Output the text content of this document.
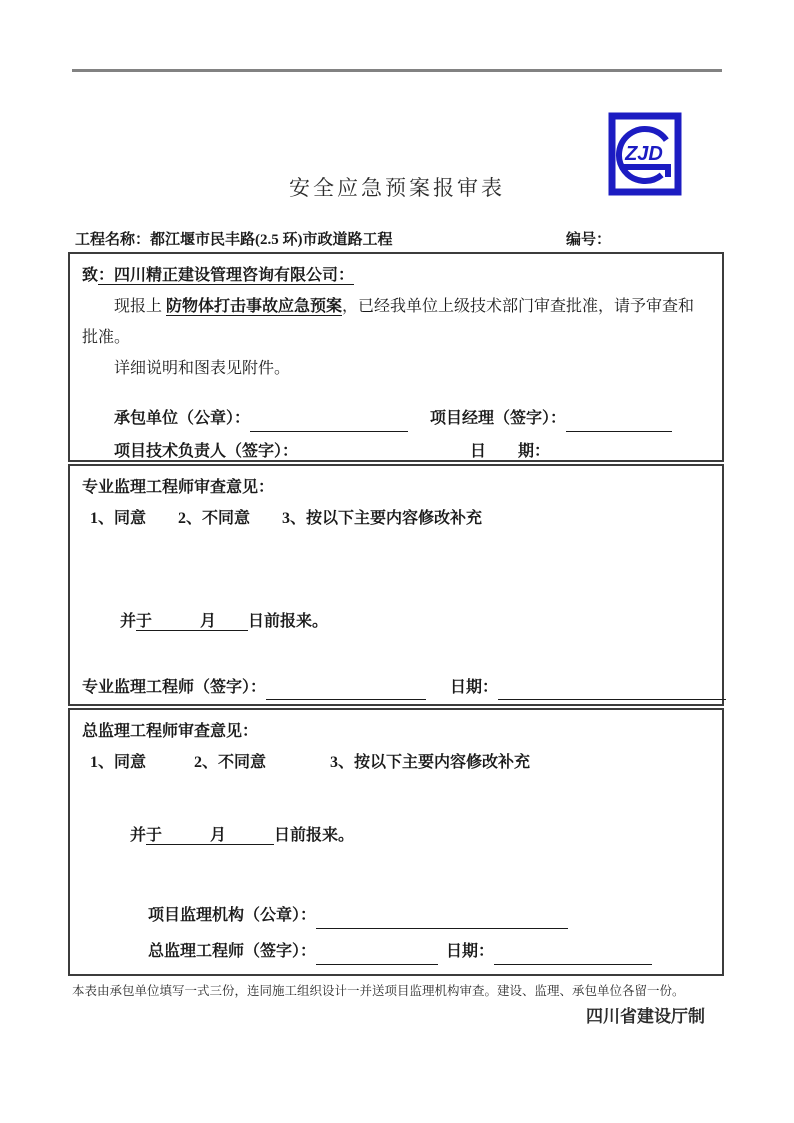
ZJD
安全应急预案报审表
工程名称：都江堰市民丰路(2.5 环)市政道路工程	编号：
致：四川精正建设管理咨询有限公司：
现报上 防物体打击事故应急预案，已经我单位上级技术部门审查批准，请予审查和
批准。
详细说明和图表见附件。
承包单位（公章）：	项目经理（签字）：
项目技术负责人（签字）：	日　　期：
专业监理工程师审查意见：
1、同意　　2、不同意　　3、按以下主要内容修改补充
并于　　　月　　日前报来。
专业监理工程师（签字）：	日期：
总监理工程师审查意见：
1、同意　　　2、不同意　　　　3、按以下主要内容修改补充
并于　　　月　　　日前报来。
项目监理机构（公章）：
总监理工程师（签字）：	日期：
本表由承包单位填写一式三份，连同施工组织设计一并送项目监理机构审查。建设、监理、承包单位各留一份。
四川省建设厅制
